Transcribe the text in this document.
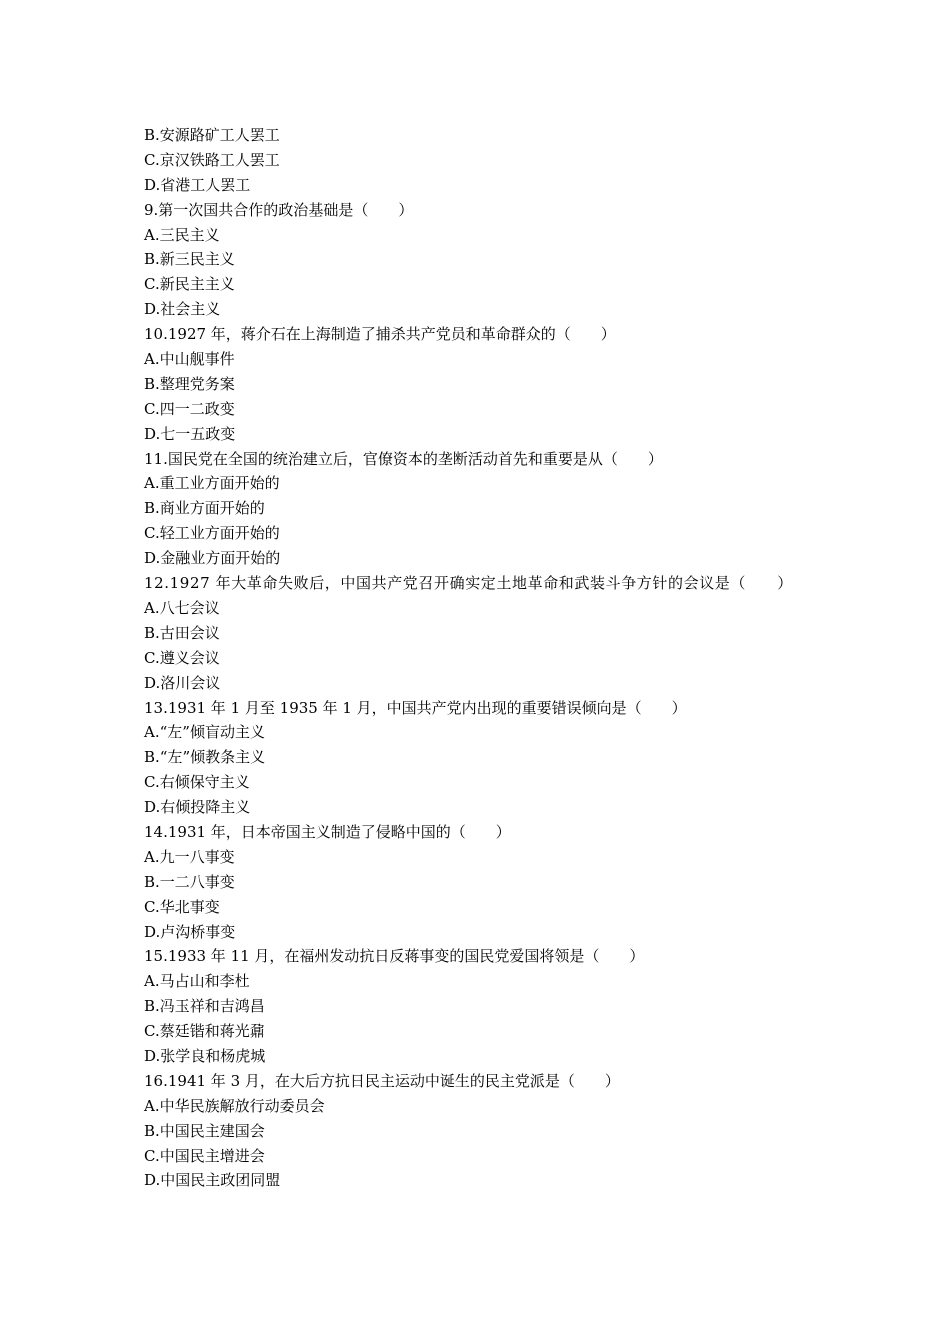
B.安源路矿工人罢工
C.京汉铁路工人罢工
D.省港工人罢工
9.第一次国共合作的政治基础是（　　）
A.三民主义
B.新三民主义
C.新民主主义
D.社会主义
10.1927 年，蒋介石在上海制造了捕杀共产党员和革命群众的（　　）
A.中山舰事件
B.整理党务案
C.四一二政变
D.七一五政变
11.国民党在全国的统治建立后，官僚资本的垄断活动首先和重要是从（　　）
A.重工业方面开始的
B.商业方面开始的
C.轻工业方面开始的
D.金融业方面开始的
12.1927 年大革命失败后，中国共产党召开确实定土地革命和武装斗争方针的会议是（　　）
A.八七会议
B.古田会议
C.遵义会议
D.洛川会议
13.1931 年 1 月至 1935 年 1 月，中国共产党内出现的重要错误倾向是（　　）
A.“左”倾盲动主义
B.“左”倾教条主义
C.右倾保守主义
D.右倾投降主义
14.1931 年，日本帝国主义制造了侵略中国的（　　）
A.九一八事变
B.一二八事变
C.华北事变
D.卢沟桥事变
15.1933 年 11 月，在福州发动抗日反蒋事变的国民党爱国将领是（　　）
A.马占山和李杜
B.冯玉祥和吉鸿昌
C.蔡廷锴和蒋光鼐
D.张学良和杨虎城
16.1941 年 3 月，在大后方抗日民主运动中诞生的民主党派是（　　）
A.中华民族解放行动委员会
B.中国民主建国会
C.中国民主增进会
D.中国民主政团同盟
